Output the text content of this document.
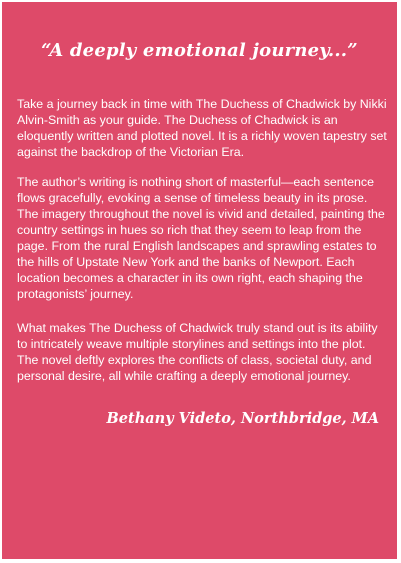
“A deeply emotional journey...”

Take a journey back in time with The Duchess of Chadwick by Nikki Alvin-Smith as your guide. The Duchess of Chadwick is an eloquently written and plotted novel. It is a richly woven tapestry set against the backdrop of the Victorian Era.

The author’s writing is nothing short of masterful—each sentence flows gracefully, evoking a sense of timeless beauty in its prose. The imagery throughout the novel is vivid and detailed, painting the country settings in hues so rich that they seem to leap from the page. From the rural English landscapes and sprawling estates to the hills of Upstate New York and the banks of Newport. Each location becomes a character in its own right, each shaping the protagonists’ journey.

What makes The Duchess of Chadwick truly stand out is its ability to intricately weave multiple storylines and settings into the plot. The novel deftly explores the conflicts of class, societal duty, and personal desire, all while crafting a deeply emotional journey.

Bethany Videto, Northbridge, MA
